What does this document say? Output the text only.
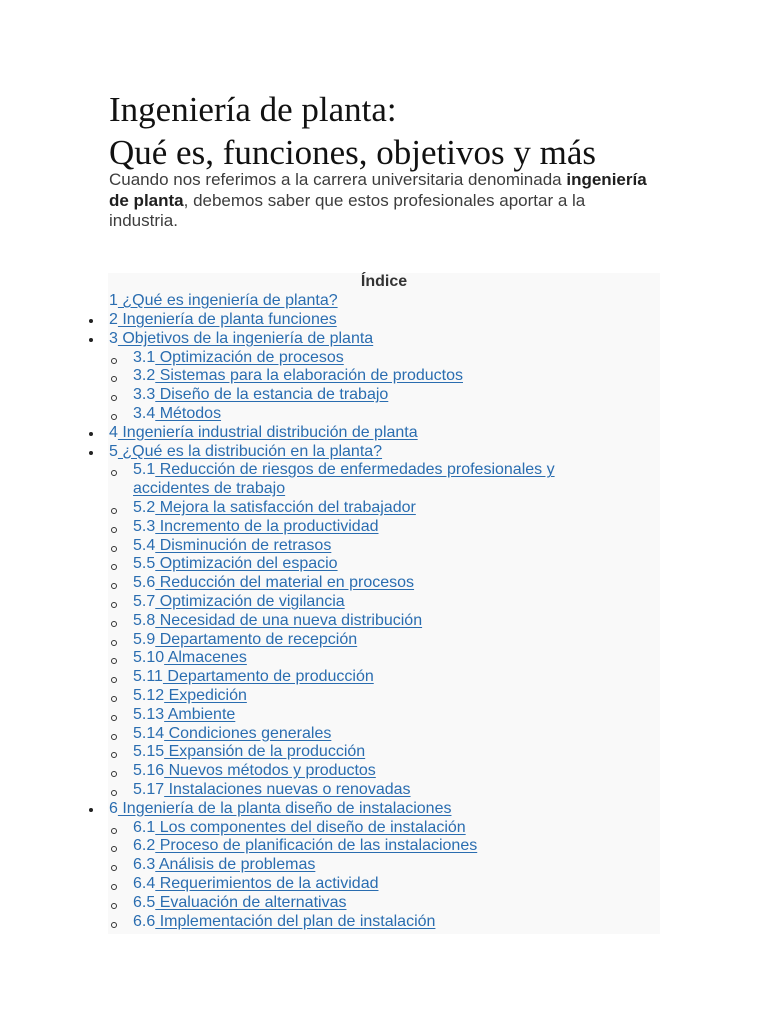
Ingeniería de planta:
Qué es, funciones, objetivos y más

Cuando nos referimos a la carrera universitaria denominada ingeniería de planta, debemos saber que estos profesionales aportar a la industria.

Índice
1 ¿Qué es ingeniería de planta?
2 Ingeniería de planta funciones
3 Objetivos de la ingeniería de planta
3.1 Optimización de procesos
3.2 Sistemas para la elaboración de productos
3.3 Diseño de la estancia de trabajo
3.4 Métodos
4 Ingeniería industrial distribución de planta
5 ¿Qué es la distribución en la planta?
5.1 Reducción de riesgos de enfermedades profesionales y accidentes de trabajo
5.2 Mejora la satisfacción del trabajador
5.3 Incremento de la productividad
5.4 Disminución de retrasos
5.5 Optimización del espacio
5.6 Reducción del material en procesos
5.7 Optimización de vigilancia
5.8 Necesidad de una nueva distribución
5.9 Departamento de recepción
5.10 Almacenes
5.11 Departamento de producción
5.12 Expedición
5.13 Ambiente
5.14 Condiciones generales
5.15 Expansión de la producción
5.16 Nuevos métodos y productos
5.17 Instalaciones nuevas o renovadas
6 Ingeniería de la planta diseño de instalaciones
6.1 Los componentes del diseño de instalación
6.2 Proceso de planificación de las instalaciones
6.3 Análisis de problemas
6.4 Requerimientos de la actividad
6.5 Evaluación de alternativas
6.6 Implementación del plan de instalación
